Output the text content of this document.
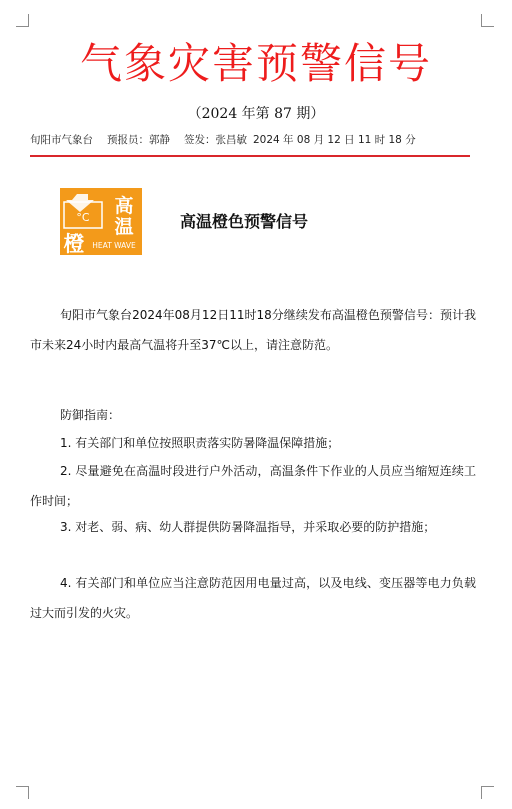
气象灾害预警信号
（2024 年第 87 期）
旬阳市气象台 预报员： 郭静 签发： 张昌敏 2024 年 08 月 12 日 11 时 18 分
°C
高
温
橙 HEAT WAVE
高温橙色预警信号
旬阳市气象台2024年08月12日11时18分继续发布高温橙色预警信号：预计我市未来24小时内最高气温将升至37℃以上，请注意防范。
防御指南：
1. 有关部门和单位按照职责落实防暑降温保障措施；
2. 尽量避免在高温时段进行户外活动，高温条件下作业的人员应当缩短连续工作时间；
3. 对老、弱、病、幼人群提供防暑降温指导，并采取必要的防护措施；
4. 有关部门和单位应当注意防范因用电量过高，以及电线、变压器等电力负载过大而引发的火灾。
